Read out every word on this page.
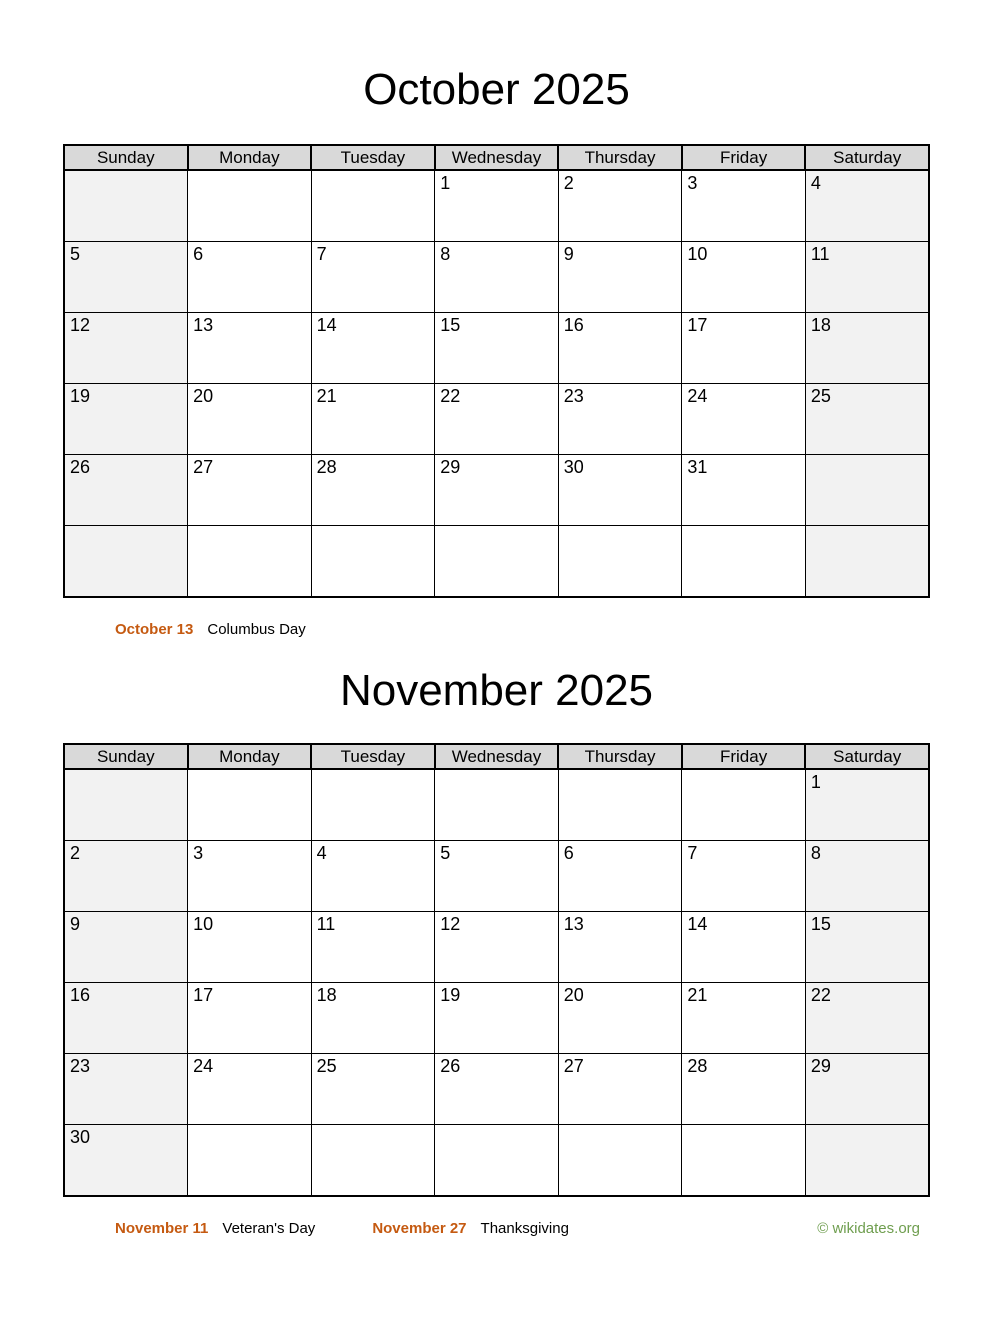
October 2025
Sunday	Monday	Tuesday	Wednesday	Thursday	Friday	Saturday
			1	2	3	4
5	6	7	8	9	10	11
12	13	14	15	16	17	18
19	20	21	22	23	24	25
26	27	28	29	30	31	

October 13 Columbus Day
November 2025
Sunday	Monday	Tuesday	Wednesday	Thursday	Friday	Saturday
						1
2	3	4	5	6	7	8
9	10	11	12	13	14	15
16	17	18	19	20	21	22
23	24	25	26	27	28	29
30						
November 11 Veteran's Day	November 27 Thanksgiving	© wikidates.org
